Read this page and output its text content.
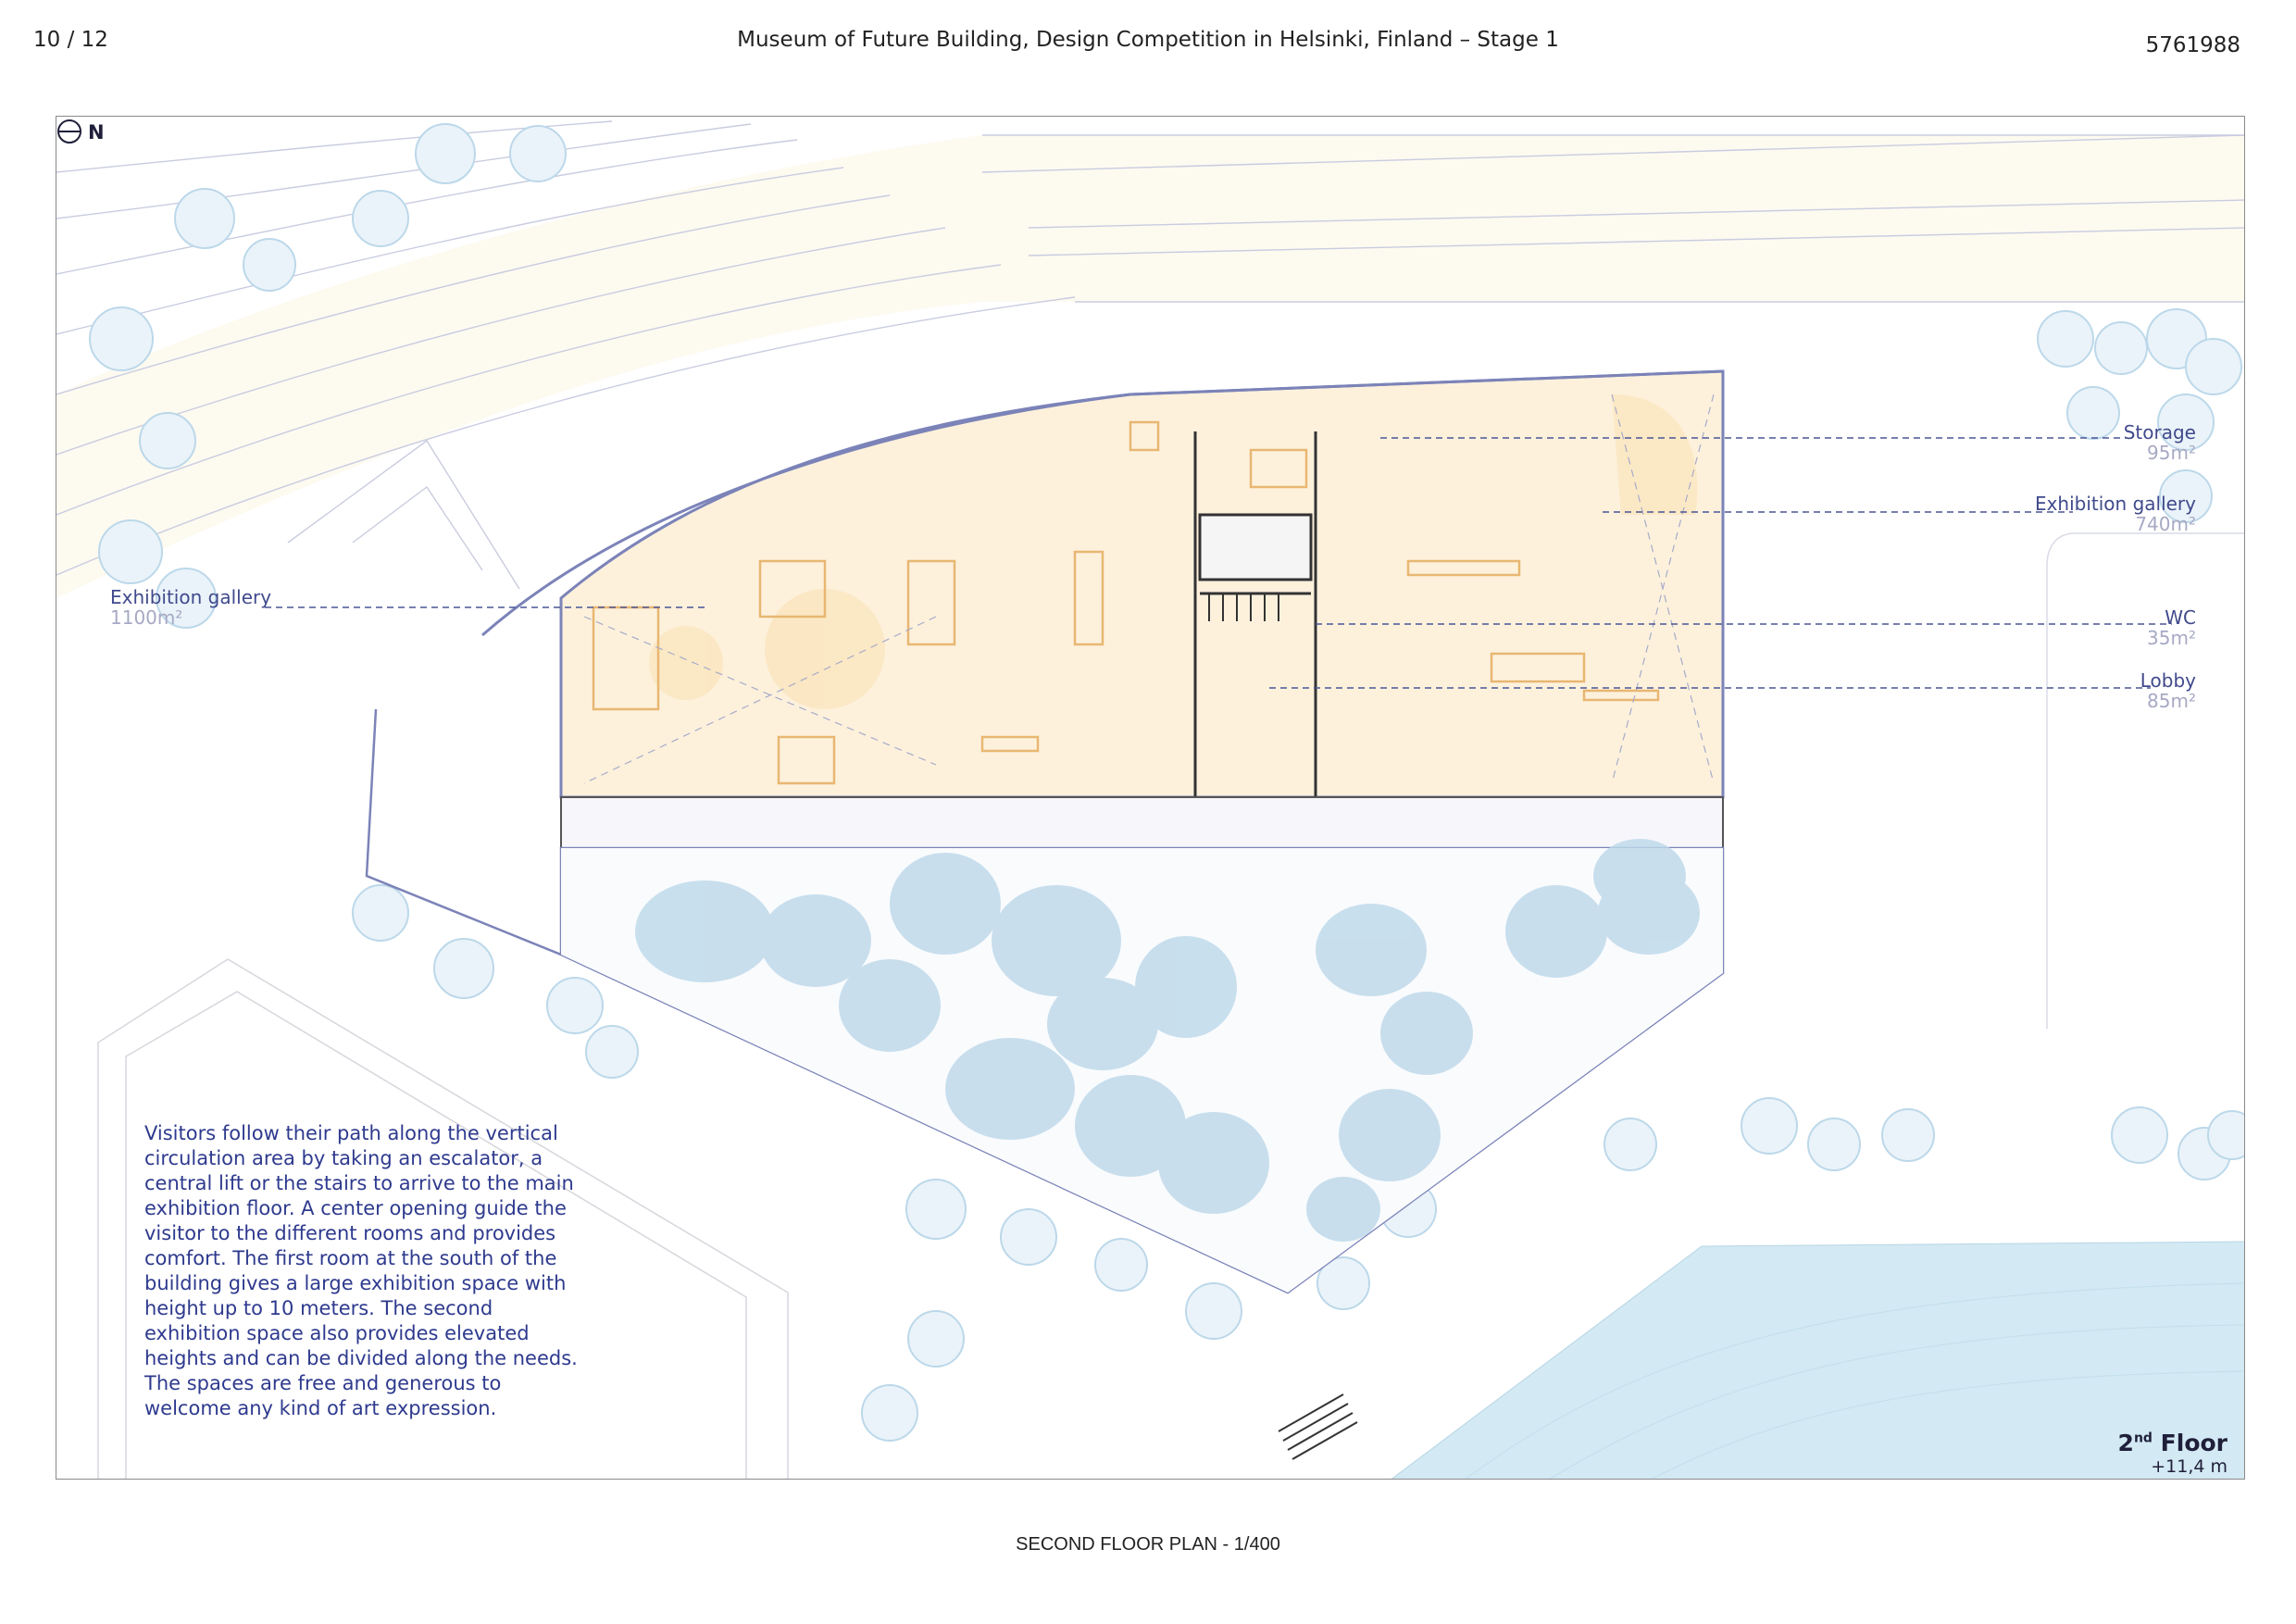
10 / 12	Museum of Future Building, Design Competition in Helsinki, Finland – Stage 1	5761988
Exhibition gallery
1100m²
Storage
95m²
Exhibition gallery
740m²
WC
35m²
Lobby
85m²
Visitors follow their path along the vertical circulation area by taking an escalator, a central lift or the stairs to arrive to the main exhibition floor. A center opening guide the visitor to the different rooms and provides comfort. The first room at the south of the building gives a large exhibition space with height up to 10 meters. The second exhibition space also provides elevated heights and can be divided along the needs. The spaces are free and generous to welcome any kind of art expression.
N
2nd Floor
+11,4 m
SECOND FLOOR PLAN - 1/400
